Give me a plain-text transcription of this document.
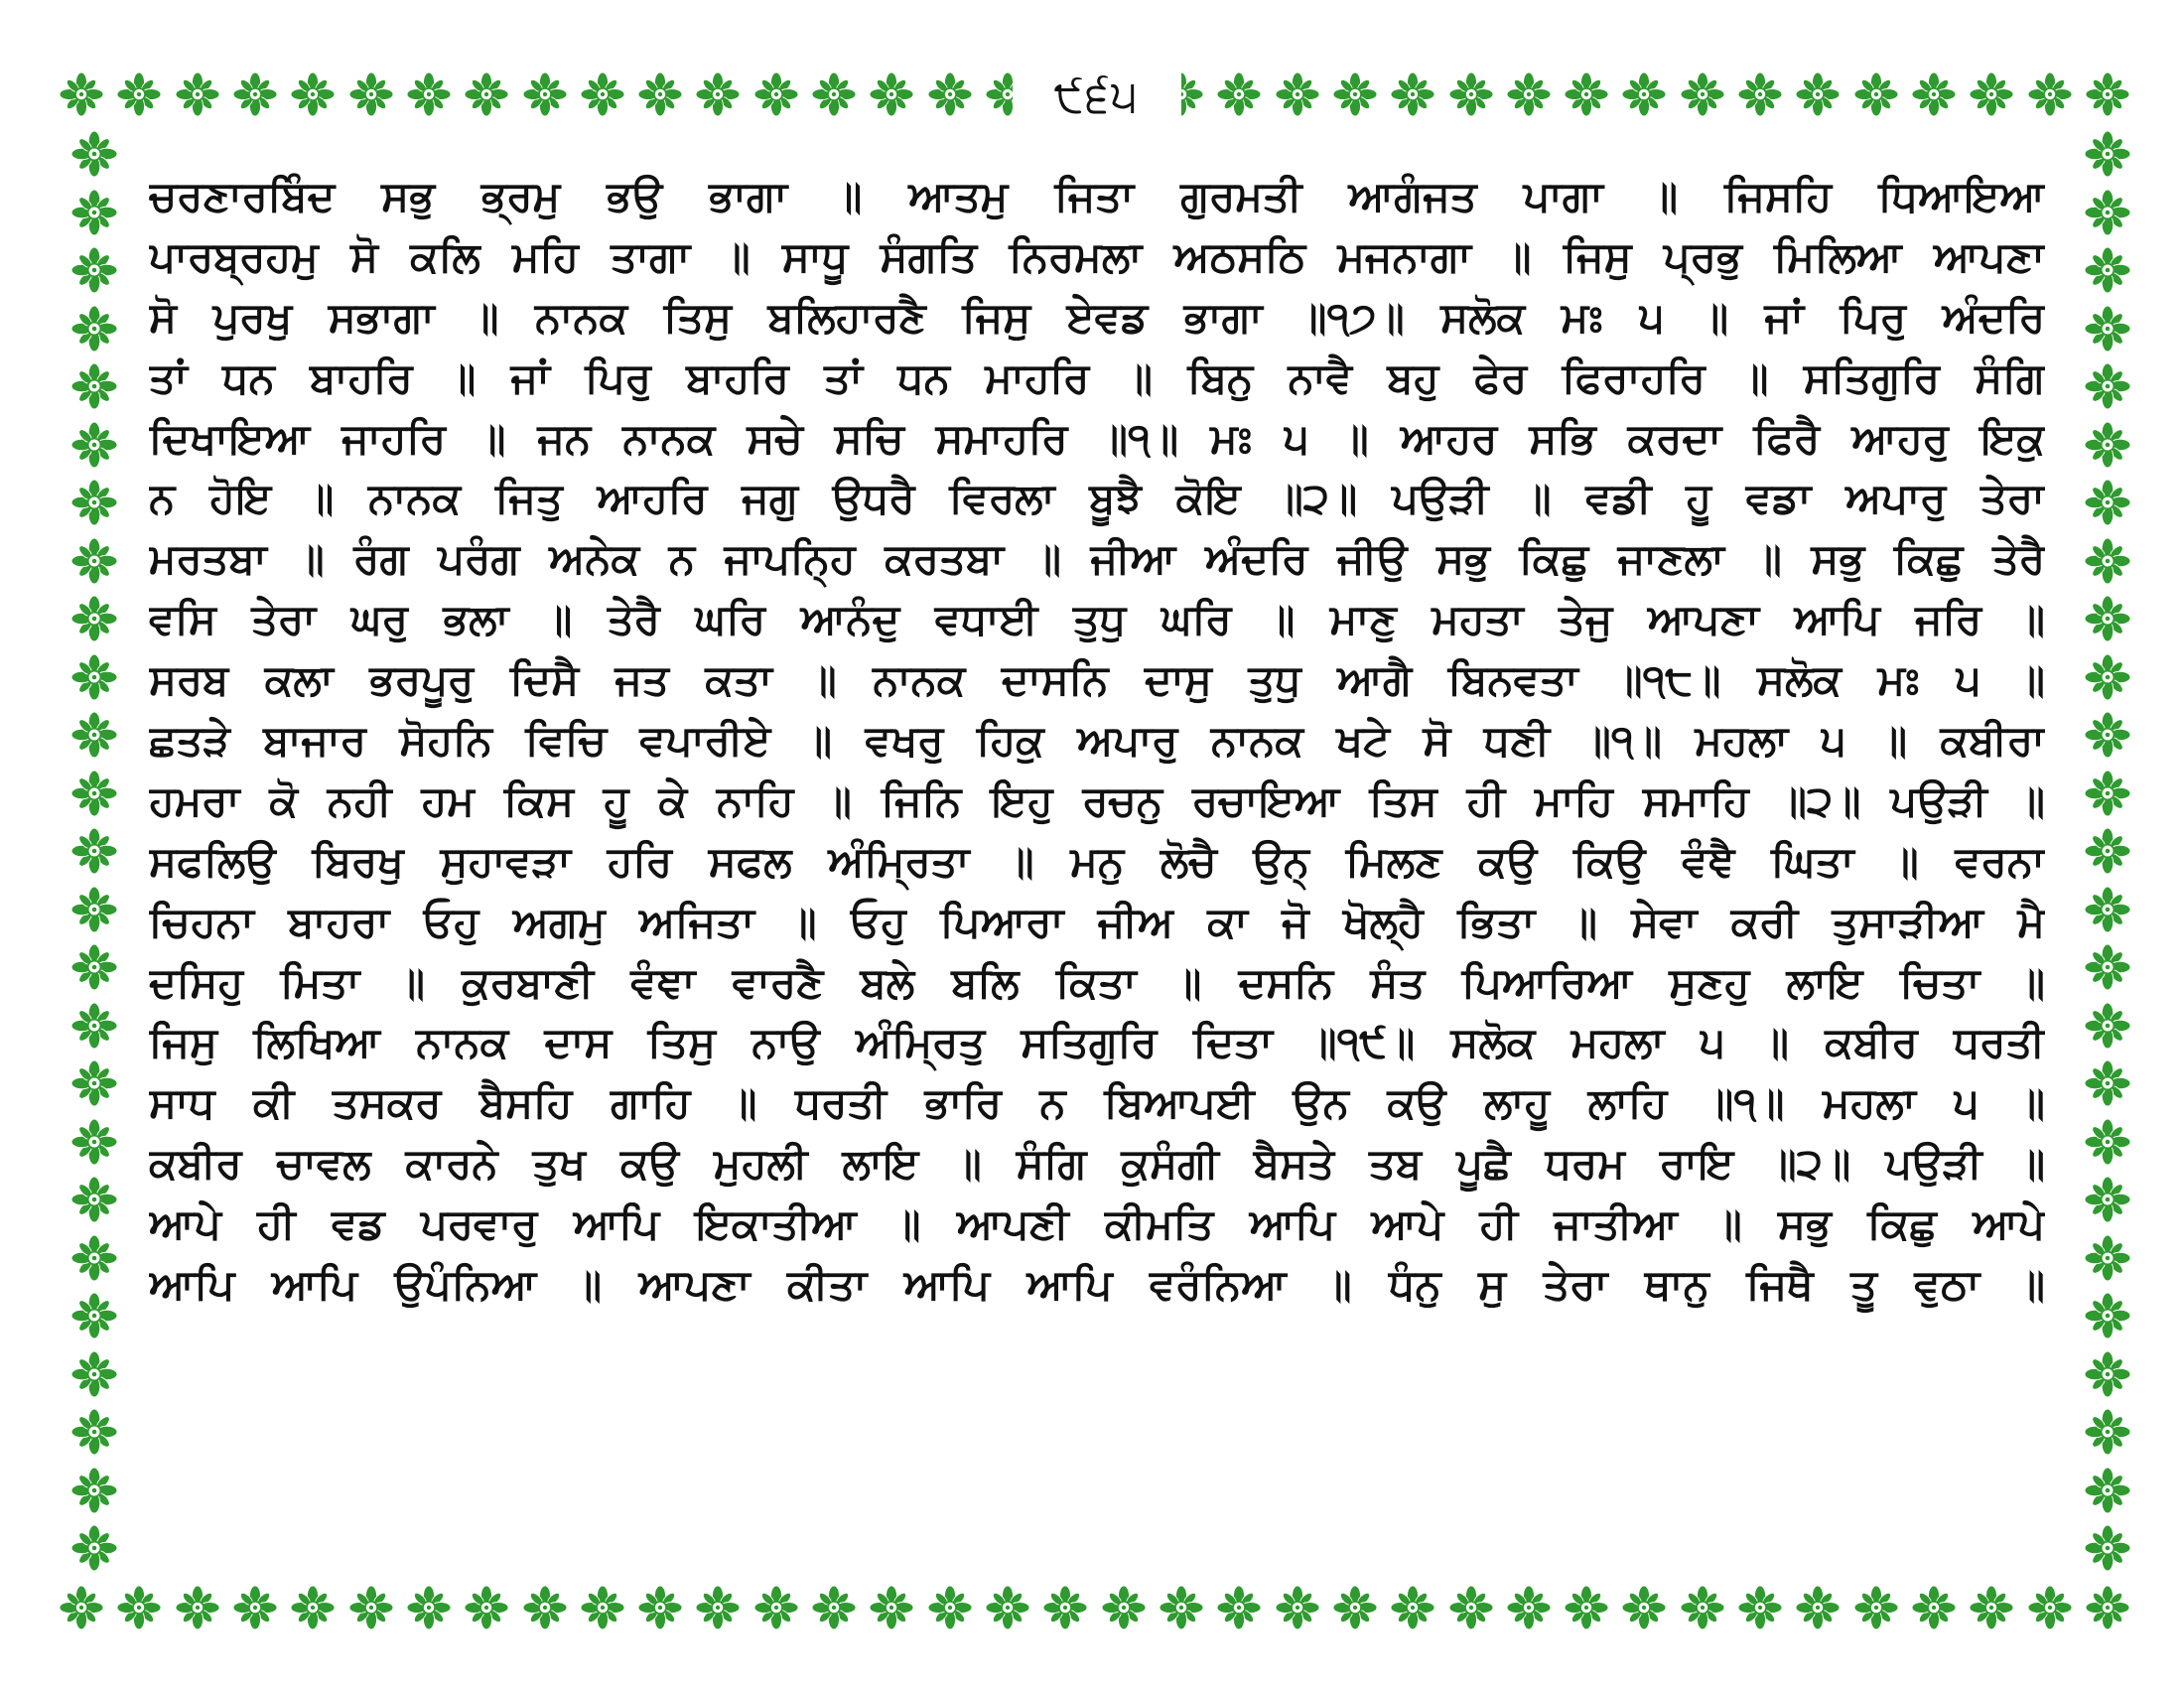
੯੬੫
ਚਰਣਾਰਬਿੰਦ ਸਭੁ ਭ੍ਰਮੁ ਭਉ ਭਾਗਾ ॥ ਆਤਮੁ ਜਿਤਾ ਗੁਰਮਤੀ ਆਗੰਜਤ ਪਾਗਾ ॥ ਜਿਸਹਿ ਧਿਆਇਆ
ਪਾਰਬ੍ਰਹਮੁ ਸੋ ਕਲਿ ਮਹਿ ਤਾਗਾ ॥ ਸਾਧੂ ਸੰਗਤਿ ਨਿਰਮਲਾ ਅਠਸਠਿ ਮਜਨਾਗਾ ॥ ਜਿਸੁ ਪ੍ਰਭੁ ਮਿਲਿਆ ਆਪਣਾ
ਸੋ ਪੁਰਖੁ ਸਭਾਗਾ ॥ ਨਾਨਕ ਤਿਸੁ ਬਲਿਹਾਰਣੈ ਜਿਸੁ ਏਵਡ ਭਾਗਾ ॥੧੭॥ ਸਲੋਕ ਮਃ ੫ ॥ ਜਾਂ ਪਿਰੁ ਅੰਦਰਿ
ਤਾਂ ਧਨ ਬਾਹਰਿ ॥ ਜਾਂ ਪਿਰੁ ਬਾਹਰਿ ਤਾਂ ਧਨ ਮਾਹਰਿ ॥ ਬਿਨੁ ਨਾਵੈ ਬਹੁ ਫੇਰ ਫਿਰਾਹਰਿ ॥ ਸਤਿਗੁਰਿ ਸੰਗਿ
ਦਿਖਾਇਆ ਜਾਹਰਿ ॥ ਜਨ ਨਾਨਕ ਸਚੇ ਸਚਿ ਸਮਾਹਰਿ ॥੧॥ ਮਃ ੫ ॥ ਆਹਰ ਸਭਿ ਕਰਦਾ ਫਿਰੈ ਆਹਰੁ ਇਕੁ
ਨ ਹੋਇ ॥ ਨਾਨਕ ਜਿਤੁ ਆਹਰਿ ਜਗੁ ਉਧਰੈ ਵਿਰਲਾ ਬੂਝੈ ਕੋਇ ॥੨॥ ਪਉੜੀ ॥ ਵਡੀ ਹੂ ਵਡਾ ਅਪਾਰੁ ਤੇਰਾ
ਮਰਤਬਾ ॥ ਰੰਗ ਪਰੰਗ ਅਨੇਕ ਨ ਜਾਪਨ੍ਹਿ ਕਰਤਬਾ ॥ ਜੀਆ ਅੰਦਰਿ ਜੀਉ ਸਭੁ ਕਿਛੁ ਜਾਣਲਾ ॥ ਸਭੁ ਕਿਛੁ ਤੇਰੈ
ਵਸਿ ਤੇਰਾ ਘਰੁ ਭਲਾ ॥ ਤੇਰੈ ਘਰਿ ਆਨੰਦੁ ਵਧਾਈ ਤੁਧੁ ਘਰਿ ॥ ਮਾਣੁ ਮਹਤਾ ਤੇਜੁ ਆਪਣਾ ਆਪਿ ਜਰਿ ॥
ਸਰਬ ਕਲਾ ਭਰਪੂਰੁ ਦਿਸੈ ਜਤ ਕਤਾ ॥ ਨਾਨਕ ਦਾਸਨਿ ਦਾਸੁ ਤੁਧੁ ਆਗੈ ਬਿਨਵਤਾ ॥੧੮॥ ਸਲੋਕ ਮਃ ੫ ॥
ਛਤੜੇ ਬਾਜਾਰ ਸੋਹਨਿ ਵਿਚਿ ਵਪਾਰੀਏ ॥ ਵਖਰੁ ਹਿਕੁ ਅਪਾਰੁ ਨਾਨਕ ਖਟੇ ਸੋ ਧਣੀ ॥੧॥ ਮਹਲਾ ੫ ॥ ਕਬੀਰਾ
ਹਮਰਾ ਕੋ ਨਹੀ ਹਮ ਕਿਸ ਹੂ ਕੇ ਨਾਹਿ ॥ ਜਿਨਿ ਇਹੁ ਰਚਨੁ ਰਚਾਇਆ ਤਿਸ ਹੀ ਮਾਹਿ ਸਮਾਹਿ ॥੨॥ ਪਉੜੀ ॥
ਸਫਲਿਉ ਬਿਰਖੁ ਸੁਹਾਵੜਾ ਹਰਿ ਸਫਲ ਅੰਮ੍ਰਿਤਾ ॥ ਮਨੁ ਲੋਚੈ ਉਨ੍ ਮਿਲਣ ਕਉ ਕਿਉ ਵੰਞੈ ਘਿਤਾ ॥ ਵਰਨਾ
ਚਿਹਨਾ ਬਾਹਰਾ ਓਹੁ ਅਗਮੁ ਅਜਿਤਾ ॥ ਓਹੁ ਪਿਆਰਾ ਜੀਅ ਕਾ ਜੋ ਖੋਲ੍ਹੈ ਭਿਤਾ ॥ ਸੇਵਾ ਕਰੀ ਤੁਸਾੜੀਆ ਮੈ
ਦਸਿਹੁ ਮਿਤਾ ॥ ਕੁਰਬਾਣੀ ਵੰਞਾ ਵਾਰਣੈ ਬਲੇ ਬਲਿ ਕਿਤਾ ॥ ਦਸਨਿ ਸੰਤ ਪਿਆਰਿਆ ਸੁਣਹੁ ਲਾਇ ਚਿਤਾ ॥
ਜਿਸੁ ਲਿਖਿਆ ਨਾਨਕ ਦਾਸ ਤਿਸੁ ਨਾਉ ਅੰਮ੍ਰਿਤੁ ਸਤਿਗੁਰਿ ਦਿਤਾ ॥੧੯॥ ਸਲੋਕ ਮਹਲਾ ੫ ॥ ਕਬੀਰ ਧਰਤੀ
ਸਾਧ ਕੀ ਤਸਕਰ ਬੈਸਹਿ ਗਾਹਿ ॥ ਧਰਤੀ ਭਾਰਿ ਨ ਬਿਆਪਈ ਉਨ ਕਉ ਲਾਹੂ ਲਾਹਿ ॥੧॥ ਮਹਲਾ ੫ ॥
ਕਬੀਰ ਚਾਵਲ ਕਾਰਨੇ ਤੁਖ ਕਉ ਮੁਹਲੀ ਲਾਇ ॥ ਸੰਗਿ ਕੁਸੰਗੀ ਬੈਸਤੇ ਤਬ ਪੂਛੈ ਧਰਮ ਰਾਇ ॥੨॥ ਪਉੜੀ ॥
ਆਪੇ ਹੀ ਵਡ ਪਰਵਾਰੁ ਆਪਿ ਇਕਾਤੀਆ ॥ ਆਪਣੀ ਕੀਮਤਿ ਆਪਿ ਆਪੇ ਹੀ ਜਾਤੀਆ ॥ ਸਭੁ ਕਿਛੁ ਆਪੇ
ਆਪਿ ਆਪਿ ਉਪੰਨਿਆ ॥ ਆਪਣਾ ਕੀਤਾ ਆਪਿ ਆਪਿ ਵਰੰਨਿਆ ॥ ਧੰਨੁ ਸੁ ਤੇਰਾ ਥਾਨੁ ਜਿਥੈ ਤੂ ਵੁਠਾ ॥
